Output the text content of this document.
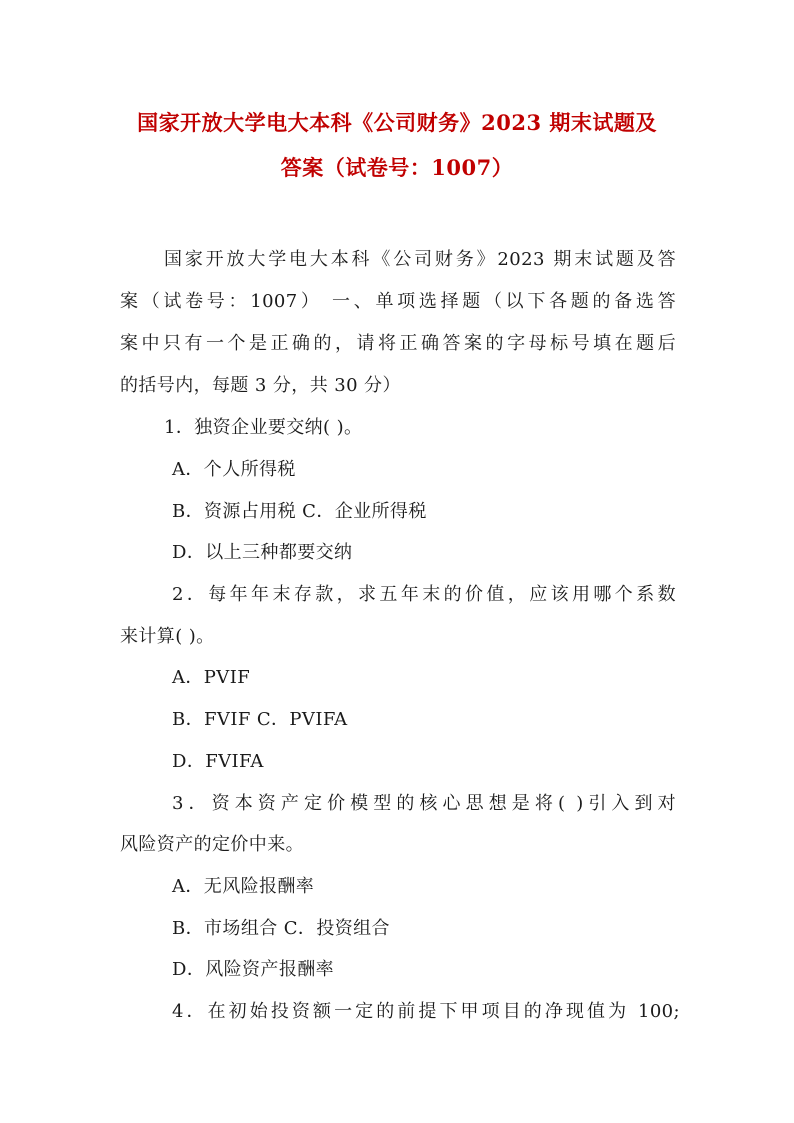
国家开放大学电大本科《公司财务》2023 期末试题及
答案（试卷号：1007）
国家开放大学电大本科《公司财务》2023 期末试题及答
案（试卷号：1007） 一、单项选择题（以下各题的备选答
案中只有一个是正确的，请将正确答案的字母标号填在题后
的括号内，每题 3 分，共 30 分）
1．独资企业要交纳( )。
A．个人所得税
B．资源占用税 C．企业所得税
D．以上三种都要交纳
2．每年年末存款，求五年末的价值，应该用哪个系数
来计算( )。
A．PVIF
B．FVIF C．PVIFA
D．FVIFA
3．资本资产定价模型的核心思想是将( )引入到对
风险资产的定价中来。
A．无风险报酬率
B．市场组合 C．投资组合
D．风险资产报酬率
4．在初始投资额一定的前提下甲项目的净现值为 100;
